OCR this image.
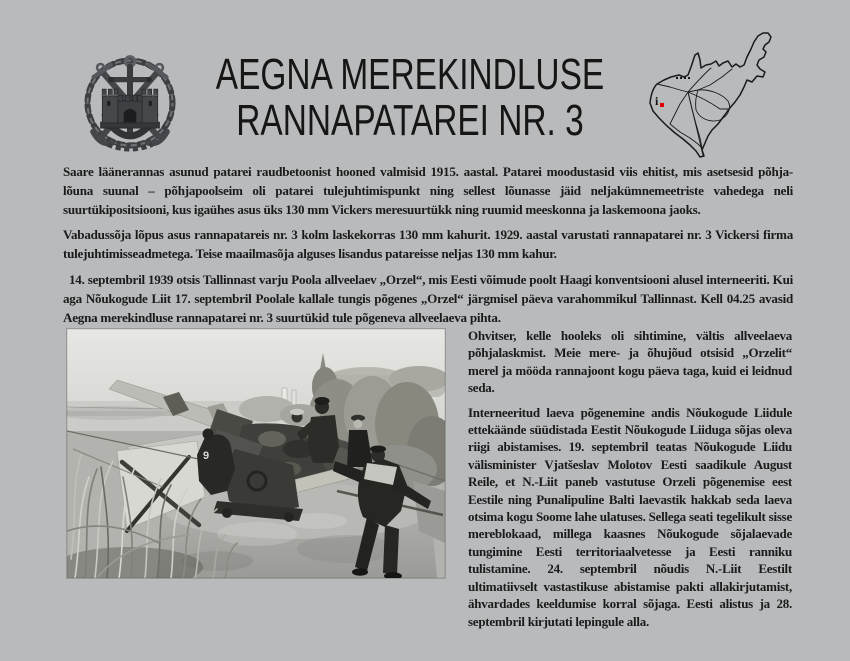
AEGNA MEREKINDLUSE
RANNAPATAREI NR. 3	i

Saare läänerannas asunud patarei raudbetoonist hooned valmisid 1915. aastal. Patarei moodustasid viis ehitist, mis asetsesid põhja-lõuna suunal – põhjapoolseim oli patarei tulejuhtimispunkt ning sellest lõunasse jäid neljakümnemeetriste vahedega neli suurtükipositsiooni, kus igaühes asus üks 130 mm Vickers meresuurtükk ning ruumid meeskonna ja laskemoona jaoks.

Vabadussõja lõpus asus rannapatareis nr. 3 kolm laskekorras 130 mm kahurit. 1929. aastal varustati rannapatarei nr. 3 Vickersi firma tulejuhtimisseadmetega. Teise maailmasõja alguses lisandus patareisse neljas 130 mm kahur.

14. septembril 1939 otsis Tallinnast varju Poola allveelaev „Orzel“, mis Eesti võimude poolt Haagi konventsiooni alusel interneeriti. Kui aga Nõukogude Liit 17. septembril Poolale kallale tungis põgenes „Orzel“ järgmisel päeva varahommikul Tallinnast. Kell 04.25 avasid Aegna merekindluse rannapatarei nr. 3 suurtükid tule põgeneva allveelaeva pihta.

9

Ohvitser, kelle hooleks oli sihtimine, vältis allveelaeva põhjalaskmist. Meie mere- ja õhujõud otsisid „Orzelit“ merel ja mööda rannajoont kogu päeva taga, kuid ei leidnud seda.

Interneeritud laeva põgenemine andis Nõukogude Liidule ettekäände süüdistada Eestit Nõukogude Liiduga sõjas oleva riigi abistamises. 19. septembril teatas Nõukogude Liidu välisminister Vjatšeslav Molotov Eesti saadikule August Reile, et N.-Liit paneb vastutuse Orzeli põgenemise eest Eestile ning Punalipuline Balti laevastik hakkab seda laeva otsima kogu Soome lahe ulatuses. Sellega seati tegelikult sisse mereblokaad, millega kaasnes Nõukogude sõjalaevade tungimine Eesti territoriaalvetesse ja Eesti ranniku tulistamine. 24. septembril nõudis N.-Liit Eestilt ultimatiivselt vastastikuse abistamise pakti allakirjutamist, ähvardades keeldumise korral sõjaga. Eesti alistus ja 28. septembril kirjutati lepingule alla.
